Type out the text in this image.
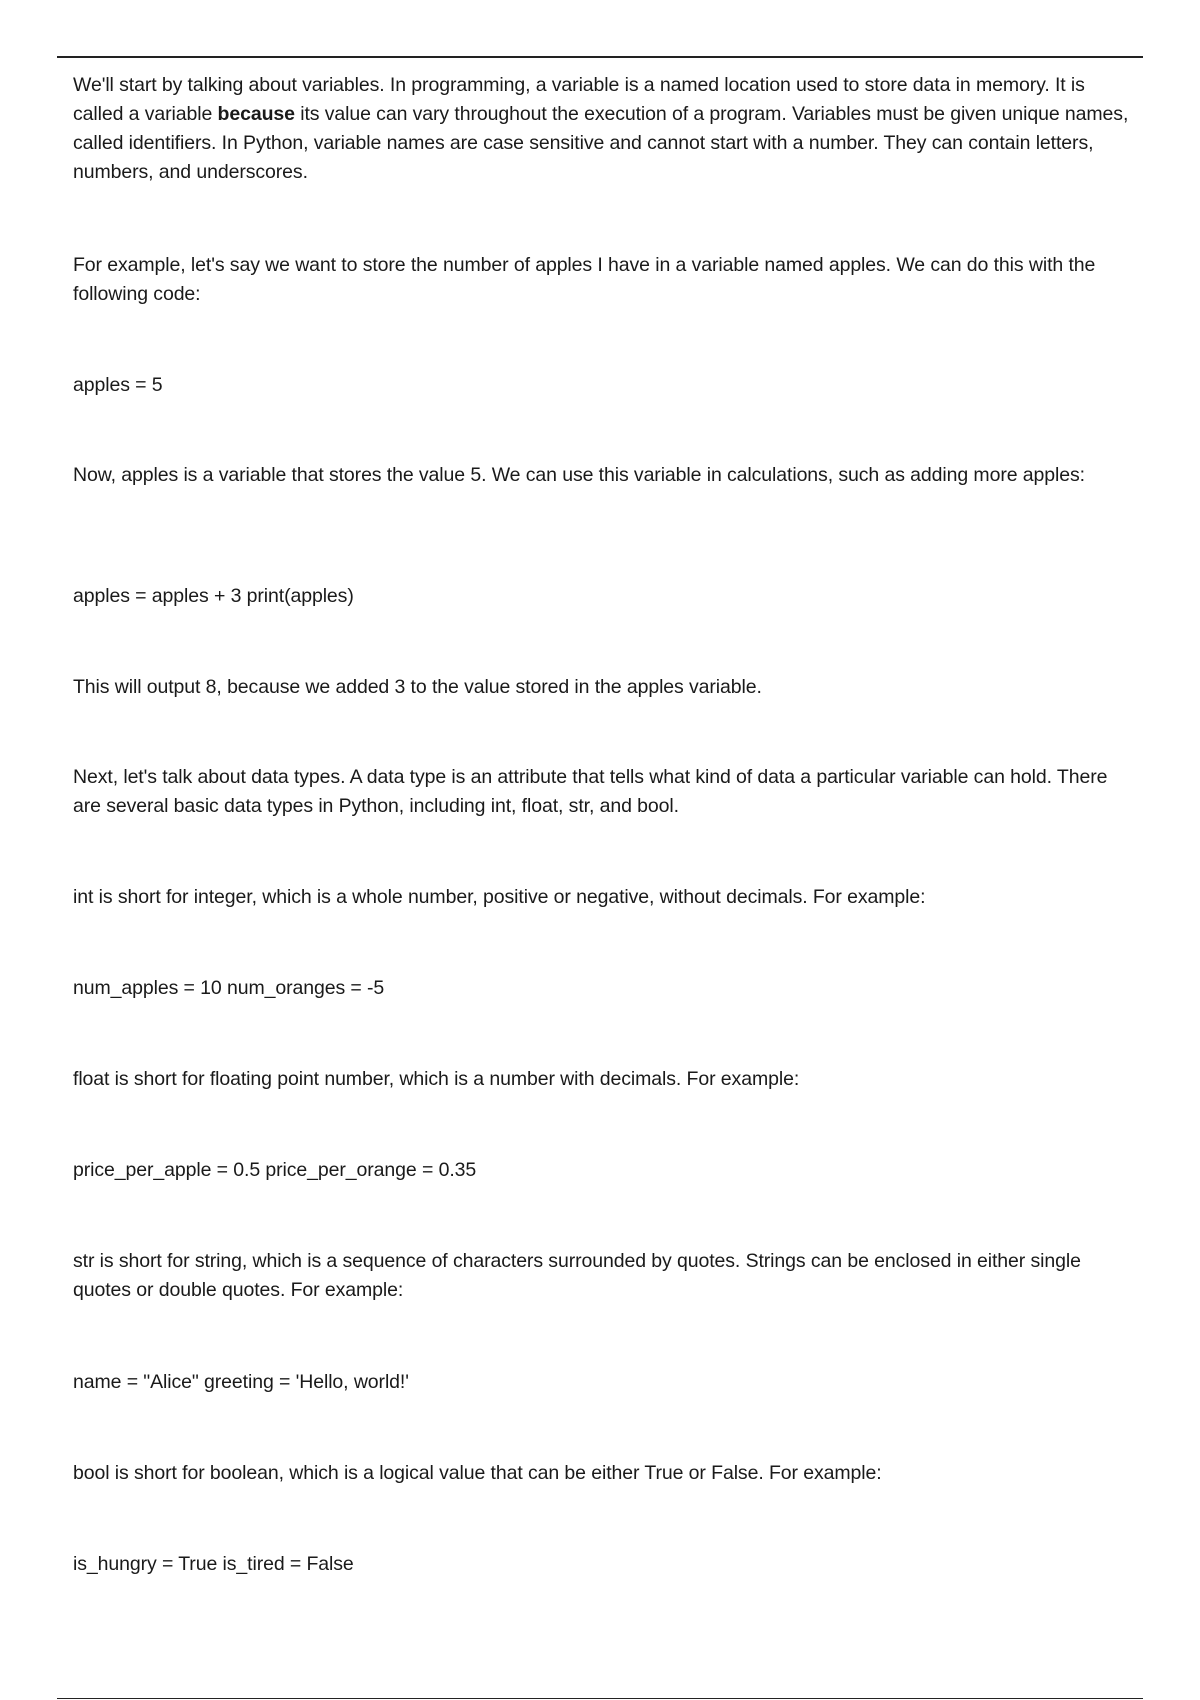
We'll start by talking about variables. In programming, a variable is a named location used to store data in memory. It is called a variable because its value can vary throughout the execution of a program. Variables must be given unique names, called identifiers. In Python, variable names are case sensitive and cannot start with a number. They can contain letters, numbers, and underscores.

For example, let's say we want to store the number of apples I have in a variable named apples. We can do this with the following code:

apples = 5

Now, apples is a variable that stores the value 5. We can use this variable in calculations, such as adding more apples:

apples = apples + 3 print(apples)

This will output 8, because we added 3 to the value stored in the apples variable.

Next, let's talk about data types. A data type is an attribute that tells what kind of data a particular variable can hold. There are several basic data types in Python, including int, float, str, and bool.

int is short for integer, which is a whole number, positive or negative, without decimals. For example:

num_apples = 10 num_oranges = -5

float is short for floating point number, which is a number with decimals. For example:

price_per_apple = 0.5 price_per_orange = 0.35

str is short for string, which is a sequence of characters surrounded by quotes. Strings can be enclosed in either single quotes or double quotes. For example:

name = "Alice" greeting = 'Hello, world!'

bool is short for boolean, which is a logical value that can be either True or False. For example:

is_hungry = True is_tired = False
